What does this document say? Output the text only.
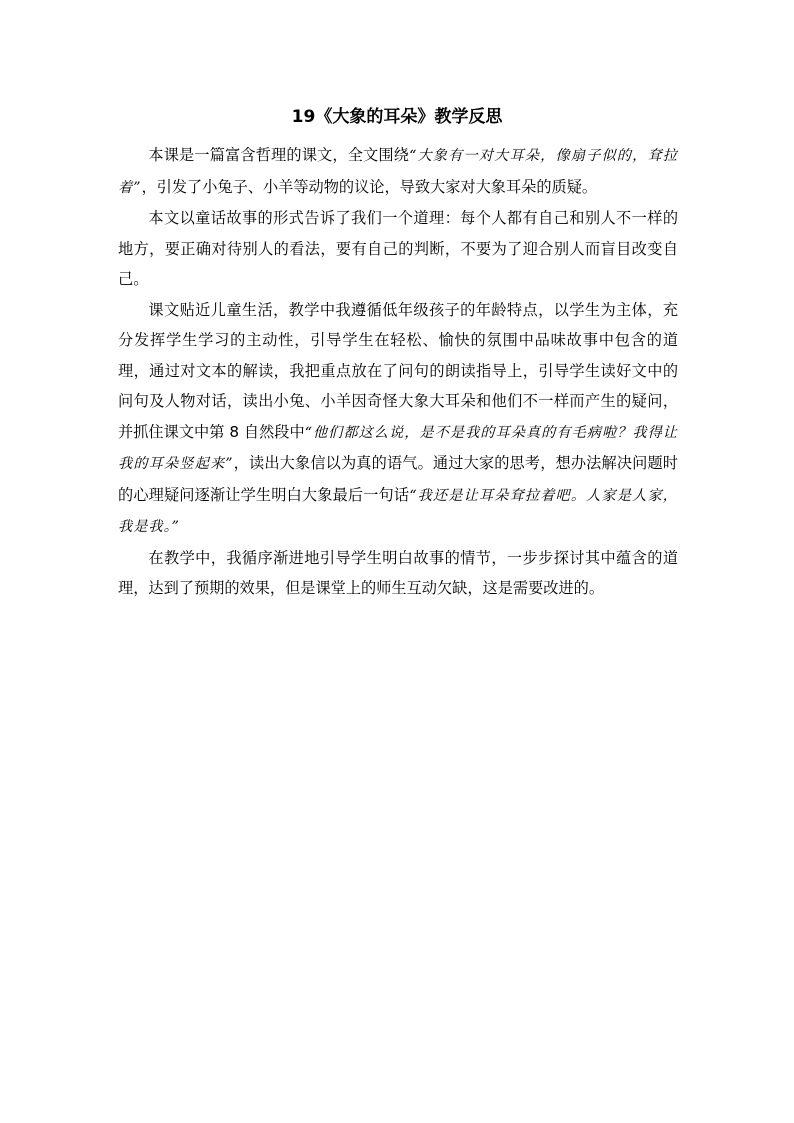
19《大象的耳朵》教学反思

本课是一篇富含哲理的课文，全文围绕“大象有一对大耳朵，像扇子似的，耷拉着”，引发了小兔子、小羊等动物的议论，导致大家对大象耳朵的质疑。

本文以童话故事的形式告诉了我们一个道理：每个人都有自己和别人不一样的地方，要正确对待别人的看法，要有自己的判断，不要为了迎合别人而盲目改变自己。

课文贴近儿童生活，教学中我遵循低年级孩子的年龄特点，以学生为主体，充分发挥学生学习的主动性，引导学生在轻松、愉快的氛围中品味故事中包含的道理，通过对文本的解读，我把重点放在了问句的朗读指导上，引导学生读好文中的问句及人物对话，读出小兔、小羊因奇怪大象大耳朵和他们不一样而产生的疑问，并抓住课文中第 8 自然段中“他们都这么说，是不是我的耳朵真的有毛病啦？我得让我的耳朵竖起来”，读出大象信以为真的语气。通过大家的思考，想办法解决问题时的心理疑问逐渐让学生明白大象最后一句话“我还是让耳朵耷拉着吧。人家是人家，我是我。”

在教学中，我循序渐进地引导学生明白故事的情节，一步步探讨其中蕴含的道理，达到了预期的效果，但是课堂上的师生互动欠缺，这是需要改进的。
